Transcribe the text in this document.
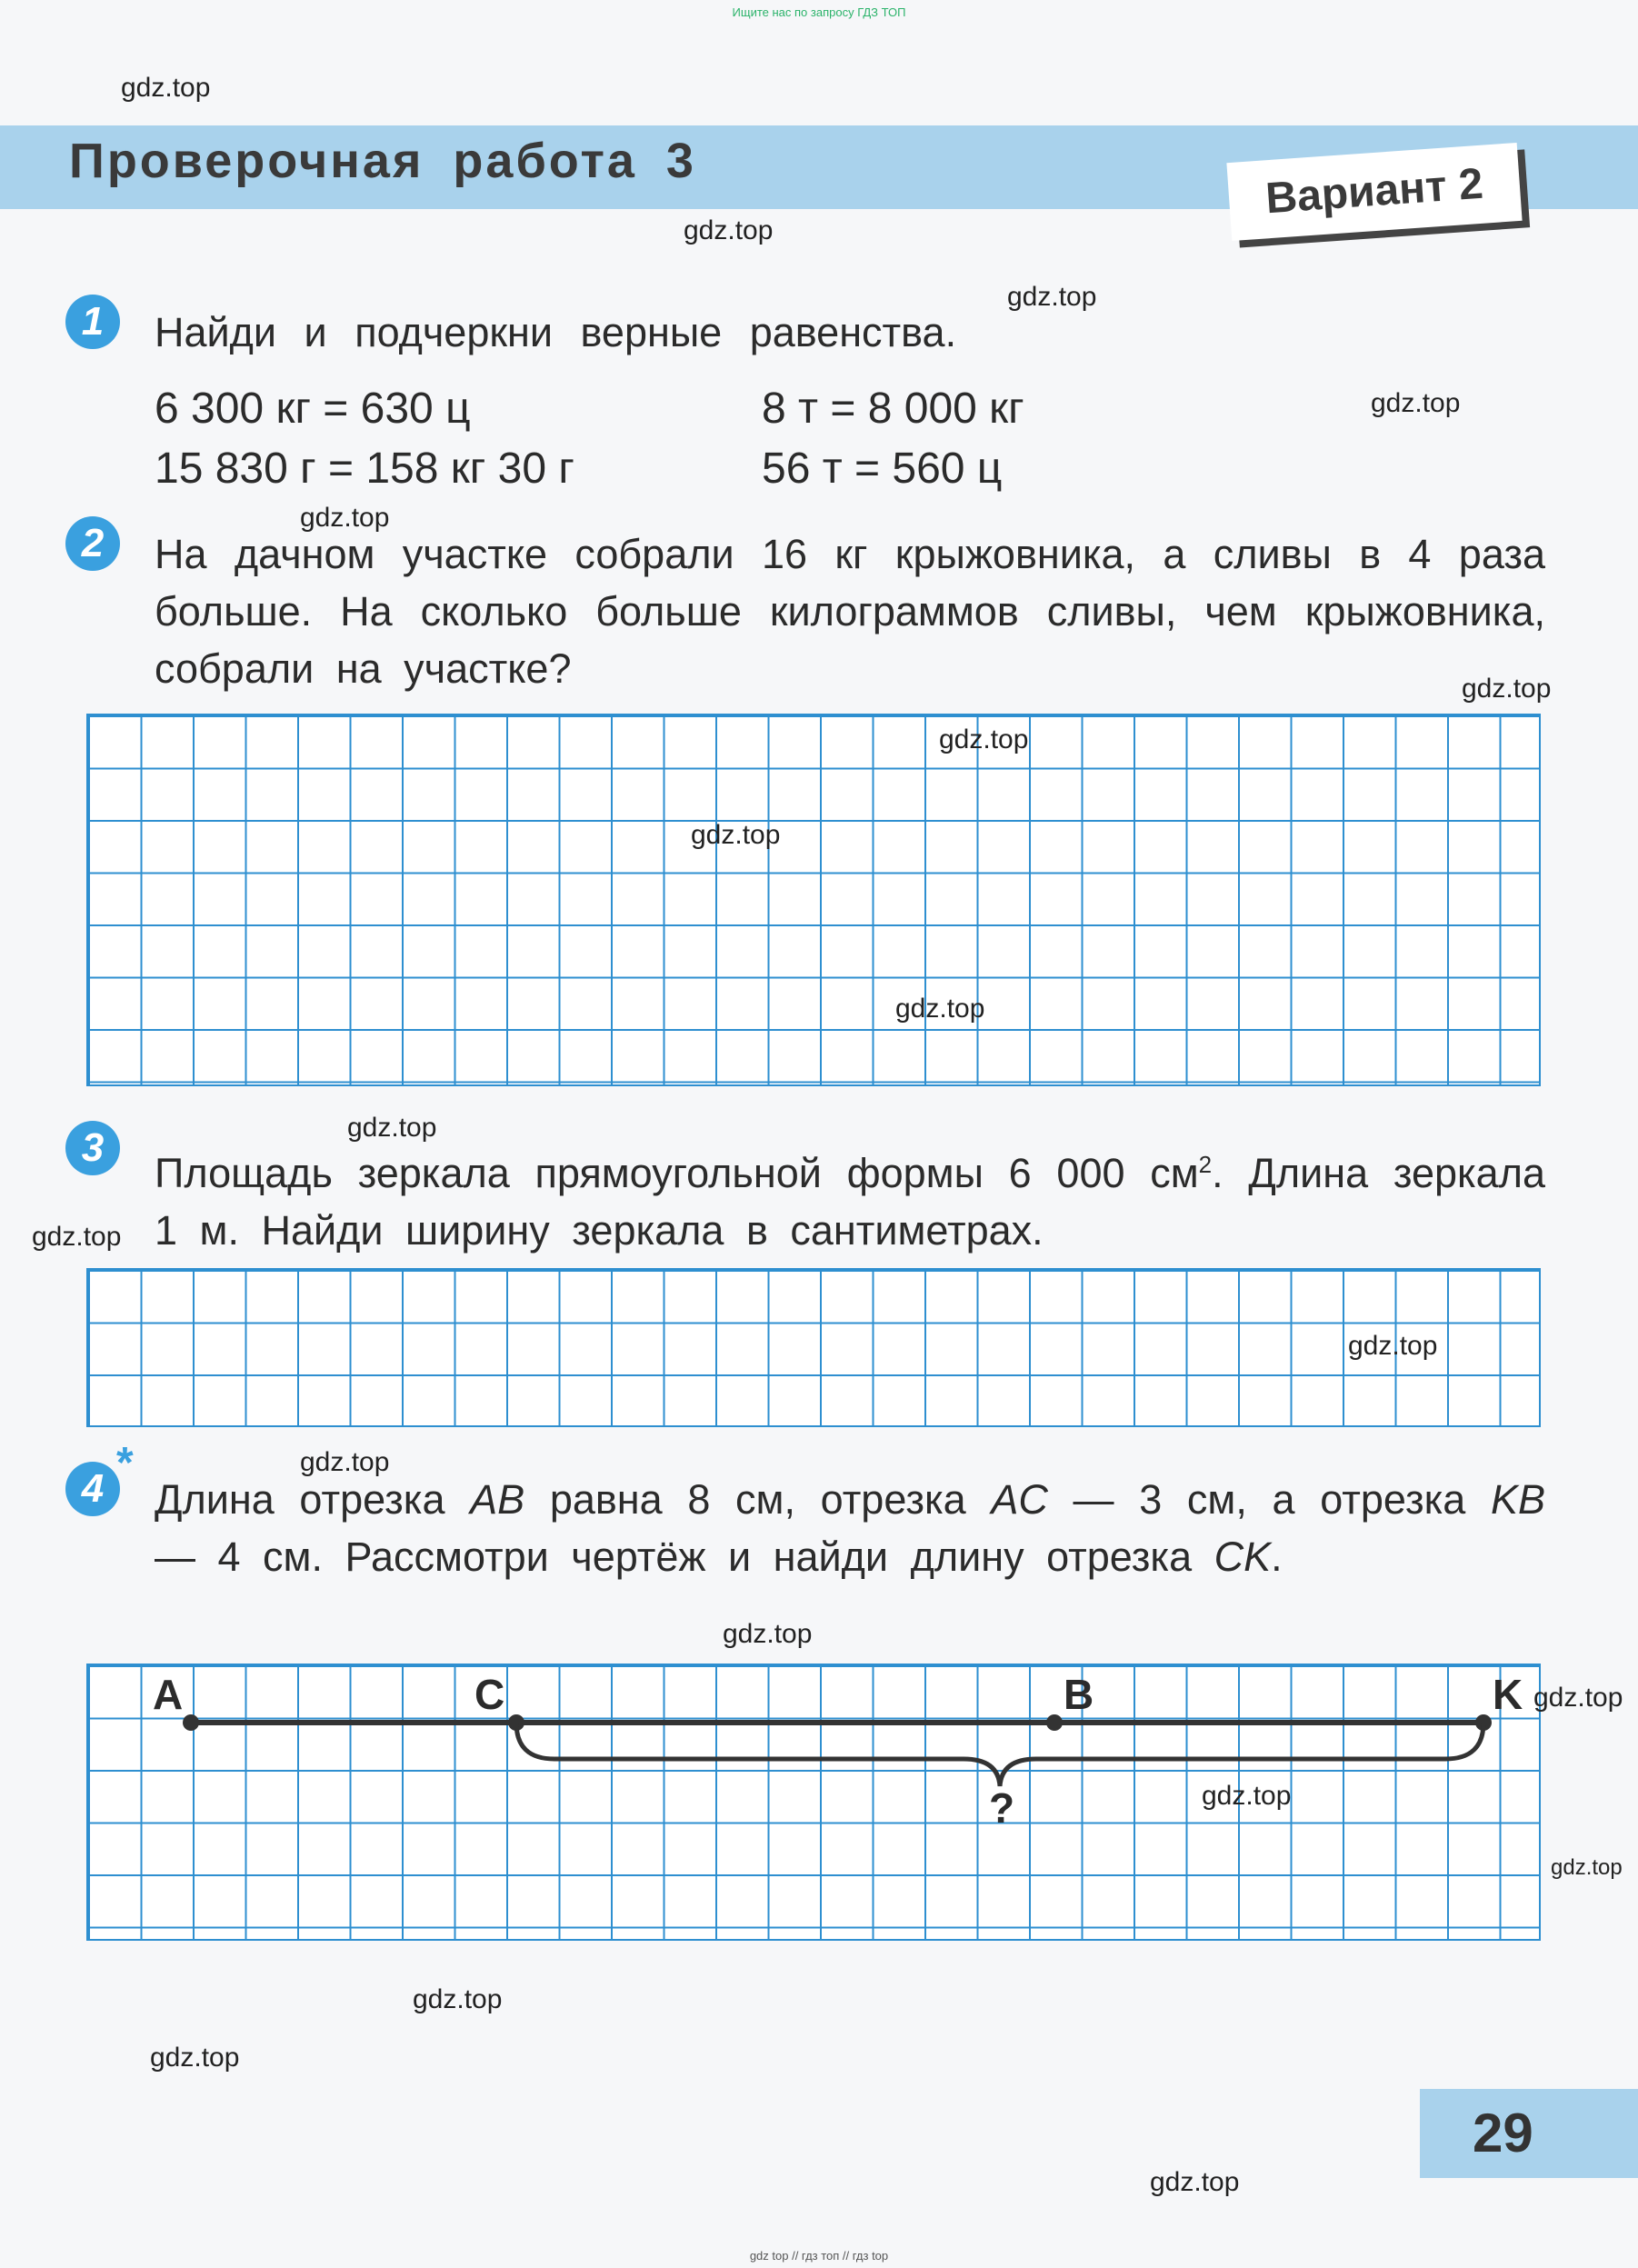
Ищите нас по запросу ГДЗ ТОП
Проверочная работа 3	Вариант 2
1	Найди и подчеркни верные равенства.
6 300 кг = 630 ц	8 т = 8 000 кг
15 830 г = 158 кг 30 г	56 т = 560 ц
2	На дачном участке собрали 16 кг крыжовника, а сливы в 4 раза больше. На сколько больше килограммов сливы, чем крыжовника, собрали на участке?
3
Площадь зеркала прямоугольной формы 6 000 $см^2$. Длина зеркала 1 м. Найди ширину зеркала в сантиметрах.
4
*
Длина отрезка AB равна 8 см, отрезка AC — 3 см, а отрезка KB — 4 см. Рассмотри чертёж и найди длину отрезка CK.
A	C	B	K
?
29
gdz.top
gdz.top
gdz.top
gdz.top
gdz.top
gdz.top
gdz.top
gdz.top
gdz.top
gdz.top
gdz.top
gdz.top
gdz.top
gdz.top
gdz.top
gdz.top
gdz.top
gdz.top
gdz.top
gdz.top
gdz top // гдз топ // гдз top
